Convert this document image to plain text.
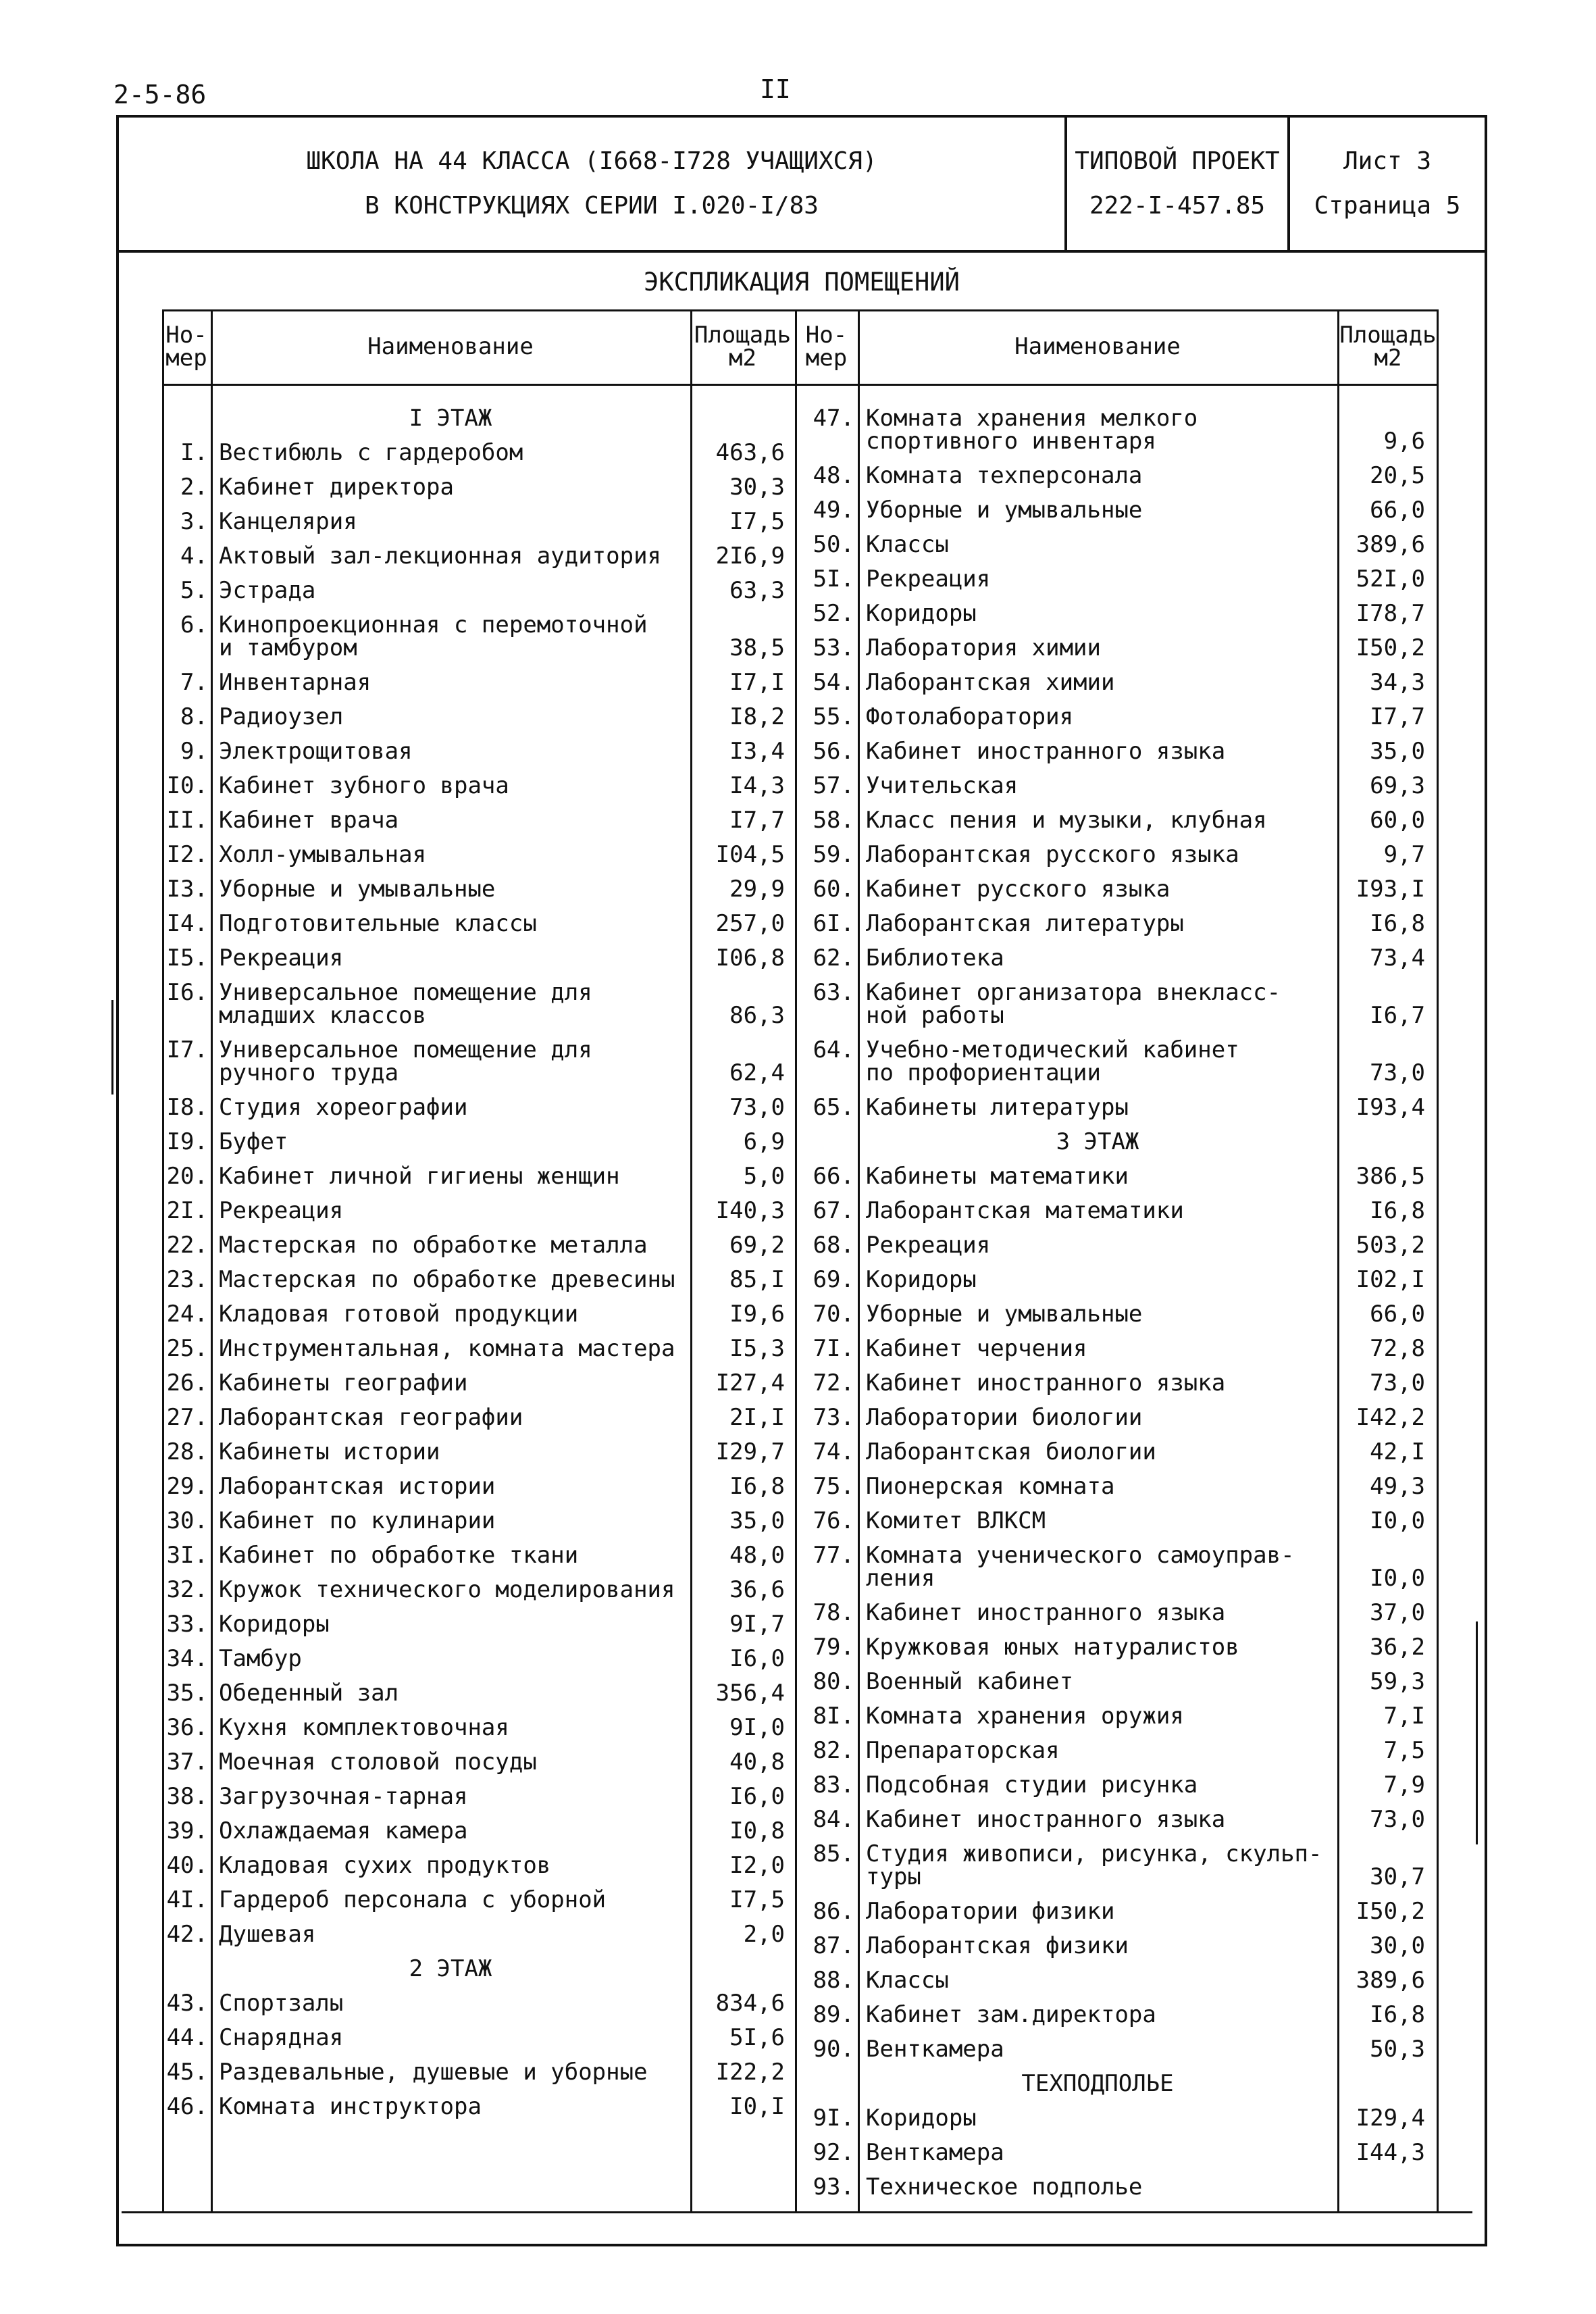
2-5-86	II
ШКОЛА НА 44 КЛАССА (I668-I728 УЧАЩИХСЯ)
В КОНСТРУКЦИЯХ СЕРИИ I.020-I/83
ТИПОВОЙ ПРОЕКТ
222-I-457.85
Лист 3
Страница 5
ЭКСПЛИКАЦИЯ ПОМЕЩЕНИЙ
Но-
мер	Наименование	Площадь
м2
Но-
мер	Наименование	Площадь
м2
I ЭТАЖ
I. Вестибюль с гардеробом	463,6
2. Кабинет директора	30,3
3. Канцелярия	I7,5
4. Актовый зал-лекционная аудитория	2I6,9
5. Эстрада	63,3
6. Кинопроекционная с перемоточной
и тамбуром	38,5
7. Инвентарная	I7,I
8. Радиоузел	I8,2
9. Электрощитовая	I3,4
I0. Кабинет зубного врача	I4,3
II. Кабинет врача	I7,7
I2. Холл-умывальная	I04,5
I3. Уборные и умывальные	29,9
I4. Подготовительные классы	257,0
I5. Рекреация	I06,8
I6. Универсальное помещение для
младших классов	86,3
I7. Универсальное помещение для
ручного труда	62,4
I8. Студия хореографии	73,0
I9. Буфет	6,9
20. Кабинет личной гигиены женщин	5,0
2I. Рекреация	I40,3
22. Мастерская по обработке металла	69,2
23. Мастерская по обработке древесины	85,I
24. Кладовая готовой продукции	I9,6
25. Инструментальная, комната мастера	I5,3
26. Кабинеты географии	I27,4
27. Лаборантская географии	2I,I
28. Кабинеты истории	I29,7
29. Лаборантская истории	I6,8
30. Кабинет по кулинарии	35,0
3I. Кабинет по обработке ткани	48,0
32. Кружок технического моделирования	36,6
33. Коридоры	9I,7
34. Тамбур	I6,0
35. Обеденный зал	356,4
36. Кухня комплектовочная	9I,0
37. Моечная столовой посуды	40,8
38. Загрузочная-тарная	I6,0
39. Охлаждаемая камера	I0,8
40. Кладовая сухих продуктов	I2,0
4I. Гардероб персонала с уборной	I7,5
42. Душевая	2,0
2 ЭТАЖ
43. Спортзалы	834,6
44. Снарядная	5I,6
45. Раздевальные, душевые и уборные	I22,2
46. Комната инструктора	I0,I
47. Комната хранения мелкого
спортивного инвентаря	9,6
48. Комната техперсонала	20,5
49. Уборные и умывальные	66,0
50. Классы	389,6
5I. Рекреация	52I,0
52. Коридоры	I78,7
53. Лаборатория химии	I50,2
54. Лаборантская химии	34,3
55. Фотолаборатория	I7,7
56. Кабинет иностранного языка	35,0
57. Учительская	69,3
58. Класс пения и музыки, клубная	60,0
59. Лаборантская русского языка	9,7
60. Кабинет русского языка	I93,I
6I. Лаборантская литературы	I6,8
62. Библиотека	73,4
63. Кабинет организатора внекласс-
ной работы	I6,7
64. Учебно-методический кабинет
по профориентации	73,0
65. Кабинеты литературы	I93,4
3 ЭТАЖ
66. Кабинеты математики	386,5
67. Лаборантская математики	I6,8
68. Рекреация	503,2
69. Коридоры	I02,I
70. Уборные и умывальные	66,0
7I. Кабинет черчения	72,8
72. Кабинет иностранного языка	73,0
73. Лаборатории биологии	I42,2
74. Лаборантская биологии	42,I
75. Пионерская комната	49,3
76. Комитет ВЛКСМ	I0,0
77. Комната ученического самоуправ-
ления	I0,0
78. Кабинет иностранного языка	37,0
79. Кружковая юных натуралистов	36,2
80. Военный кабинет	59,3
8I. Комната хранения оружия	7,I
82. Препараторская	7,5
83. Подсобная студии рисунка	7,9
84. Кабинет иностранного языка	73,0
85. Студия живописи, рисунка, скульп-
туры	30,7
86. Лаборатории физики	I50,2
87. Лаборантская физики	30,0
88. Классы	389,6
89. Кабинет зам.директора	I6,8
90. Венткамера	50,3
ТЕХПОДПОЛЬЕ
9I. Коридоры	I29,4
92. Венткамера	I44,3
93. Техническое подполье
